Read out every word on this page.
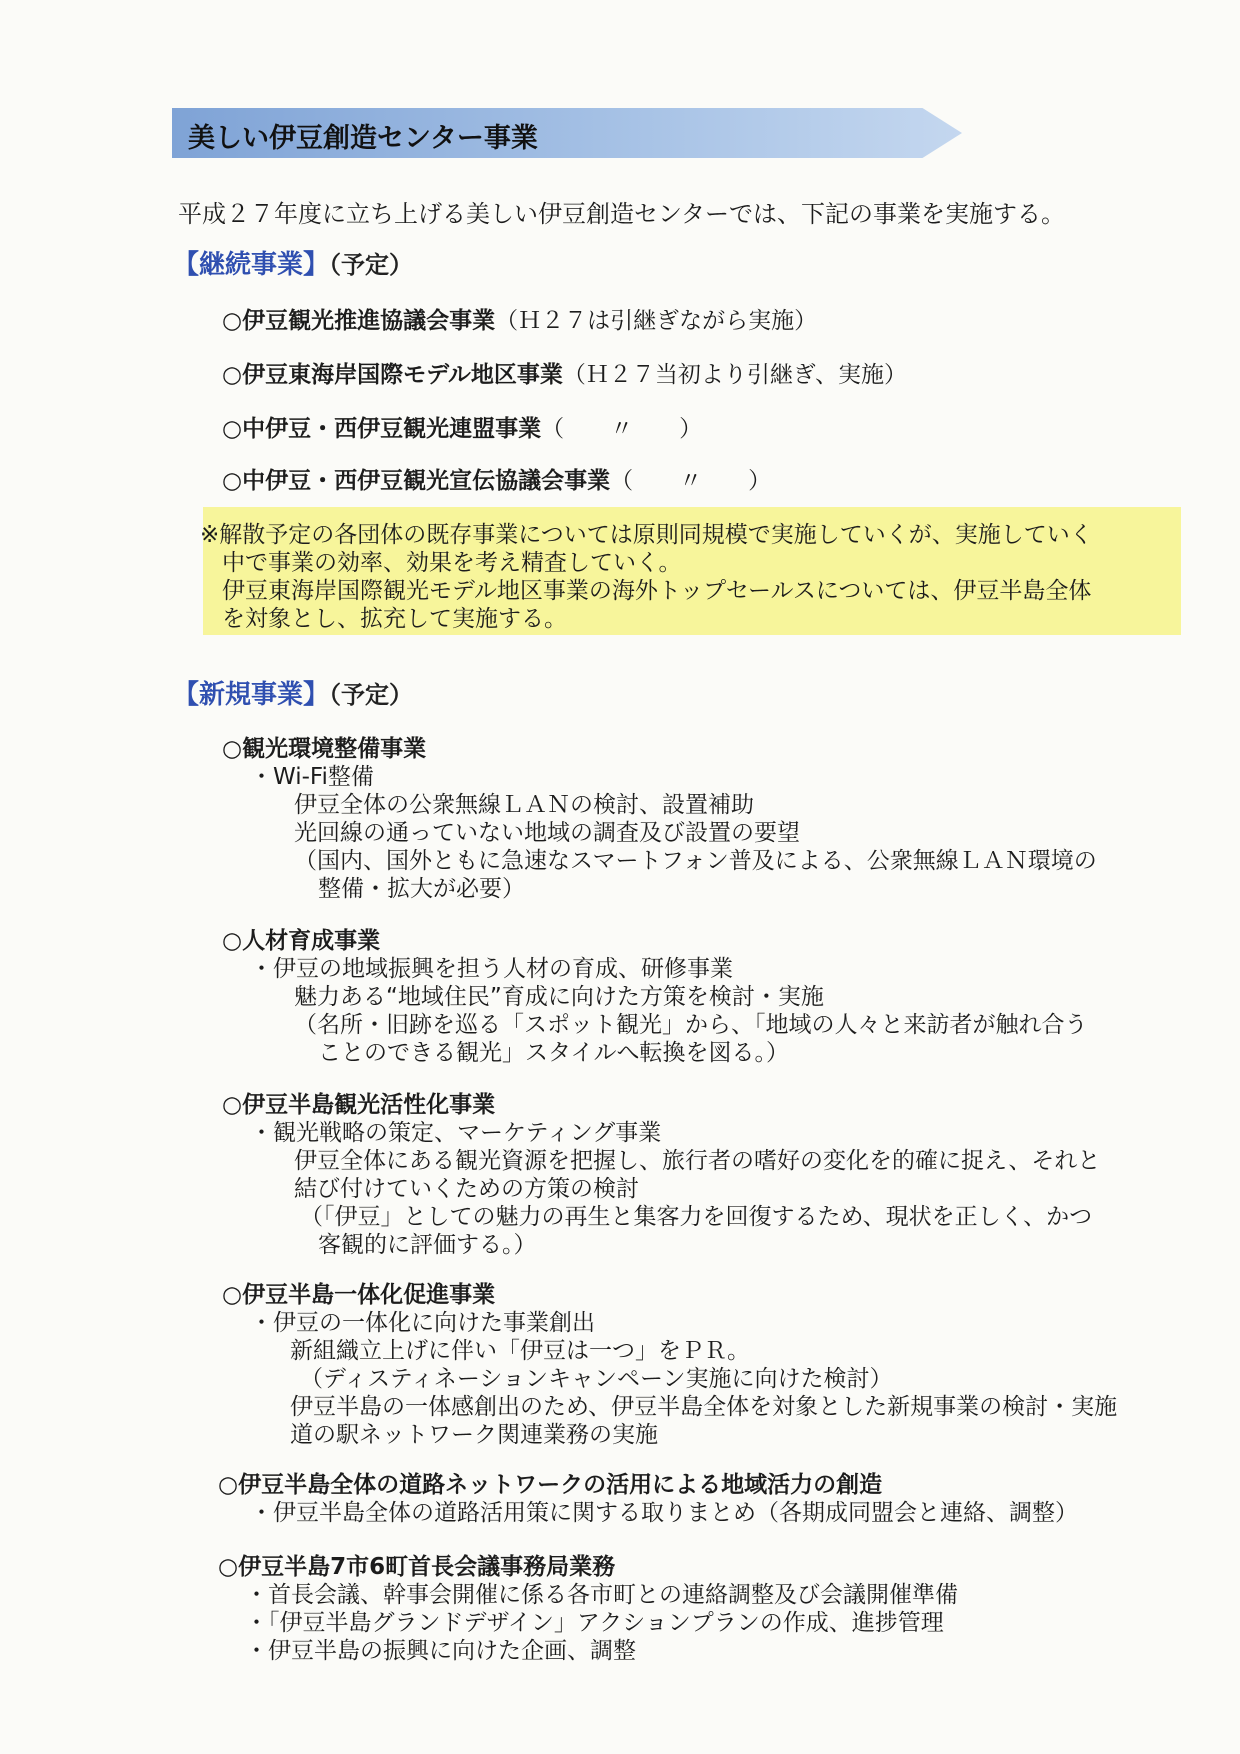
美しい伊豆創造センター事業
平成２７年度に立ち上げる美しい伊豆創造センターでは、下記の事業を実施する。
【継続事業】（予定）
○伊豆観光推進協議会事業（Ｈ２７は引継ぎながら実施）
○伊豆東海岸国際モデル地区事業（Ｈ２７当初より引継ぎ、実施）
○中伊豆・西伊豆観光連盟事業（　　〃　　）
○中伊豆・西伊豆観光宣伝協議会事業（　　〃　　）
※解散予定の各団体の既存事業については原則同規模で実施していくが、実施していく
中で事業の効率、効果を考え精査していく。
伊豆東海岸国際観光モデル地区事業の海外トップセールスについては、伊豆半島全体
を対象とし、拡充して実施する。
【新規事業】（予定）
○観光環境整備事業
・Wi-Fi整備
伊豆全体の公衆無線ＬＡＮの検討、設置補助
光回線の通っていない地域の調査及び設置の要望
（国内、国外ともに急速なスマートフォン普及による、公衆無線ＬＡＮ環境の
整備・拡大が必要）
○人材育成事業
・伊豆の地域振興を担う人材の育成、研修事業
魅力ある“地域住民”育成に向けた方策を検討・実施
（名所・旧跡を巡る「スポット観光」から、「地域の人々と来訪者が触れ合う
ことのできる観光」スタイルへ転換を図る。）
○伊豆半島観光活性化事業
・観光戦略の策定、マーケティング事業
伊豆全体にある観光資源を把握し、旅行者の嗜好の変化を的確に捉え、それと
結び付けていくための方策の検討
（「伊豆」としての魅力の再生と集客力を回復するため、現状を正しく、かつ
客観的に評価する。）
○伊豆半島一体化促進事業
・伊豆の一体化に向けた事業創出
新組織立上げに伴い「伊豆は一つ」をＰＲ。
（ディスティネーションキャンペーン実施に向けた検討）
伊豆半島の一体感創出のため、伊豆半島全体を対象とした新規事業の検討・実施
道の駅ネットワーク関連業務の実施
○伊豆半島全体の道路ネットワークの活用による地域活力の創造
・伊豆半島全体の道路活用策に関する取りまとめ（各期成同盟会と連絡、調整）
○伊豆半島7市6町首長会議事務局業務
・首長会議、幹事会開催に係る各市町との連絡調整及び会議開催準備
・「伊豆半島グランドデザイン」アクションプランの作成、進捗管理
・伊豆半島の振興に向けた企画、調整
